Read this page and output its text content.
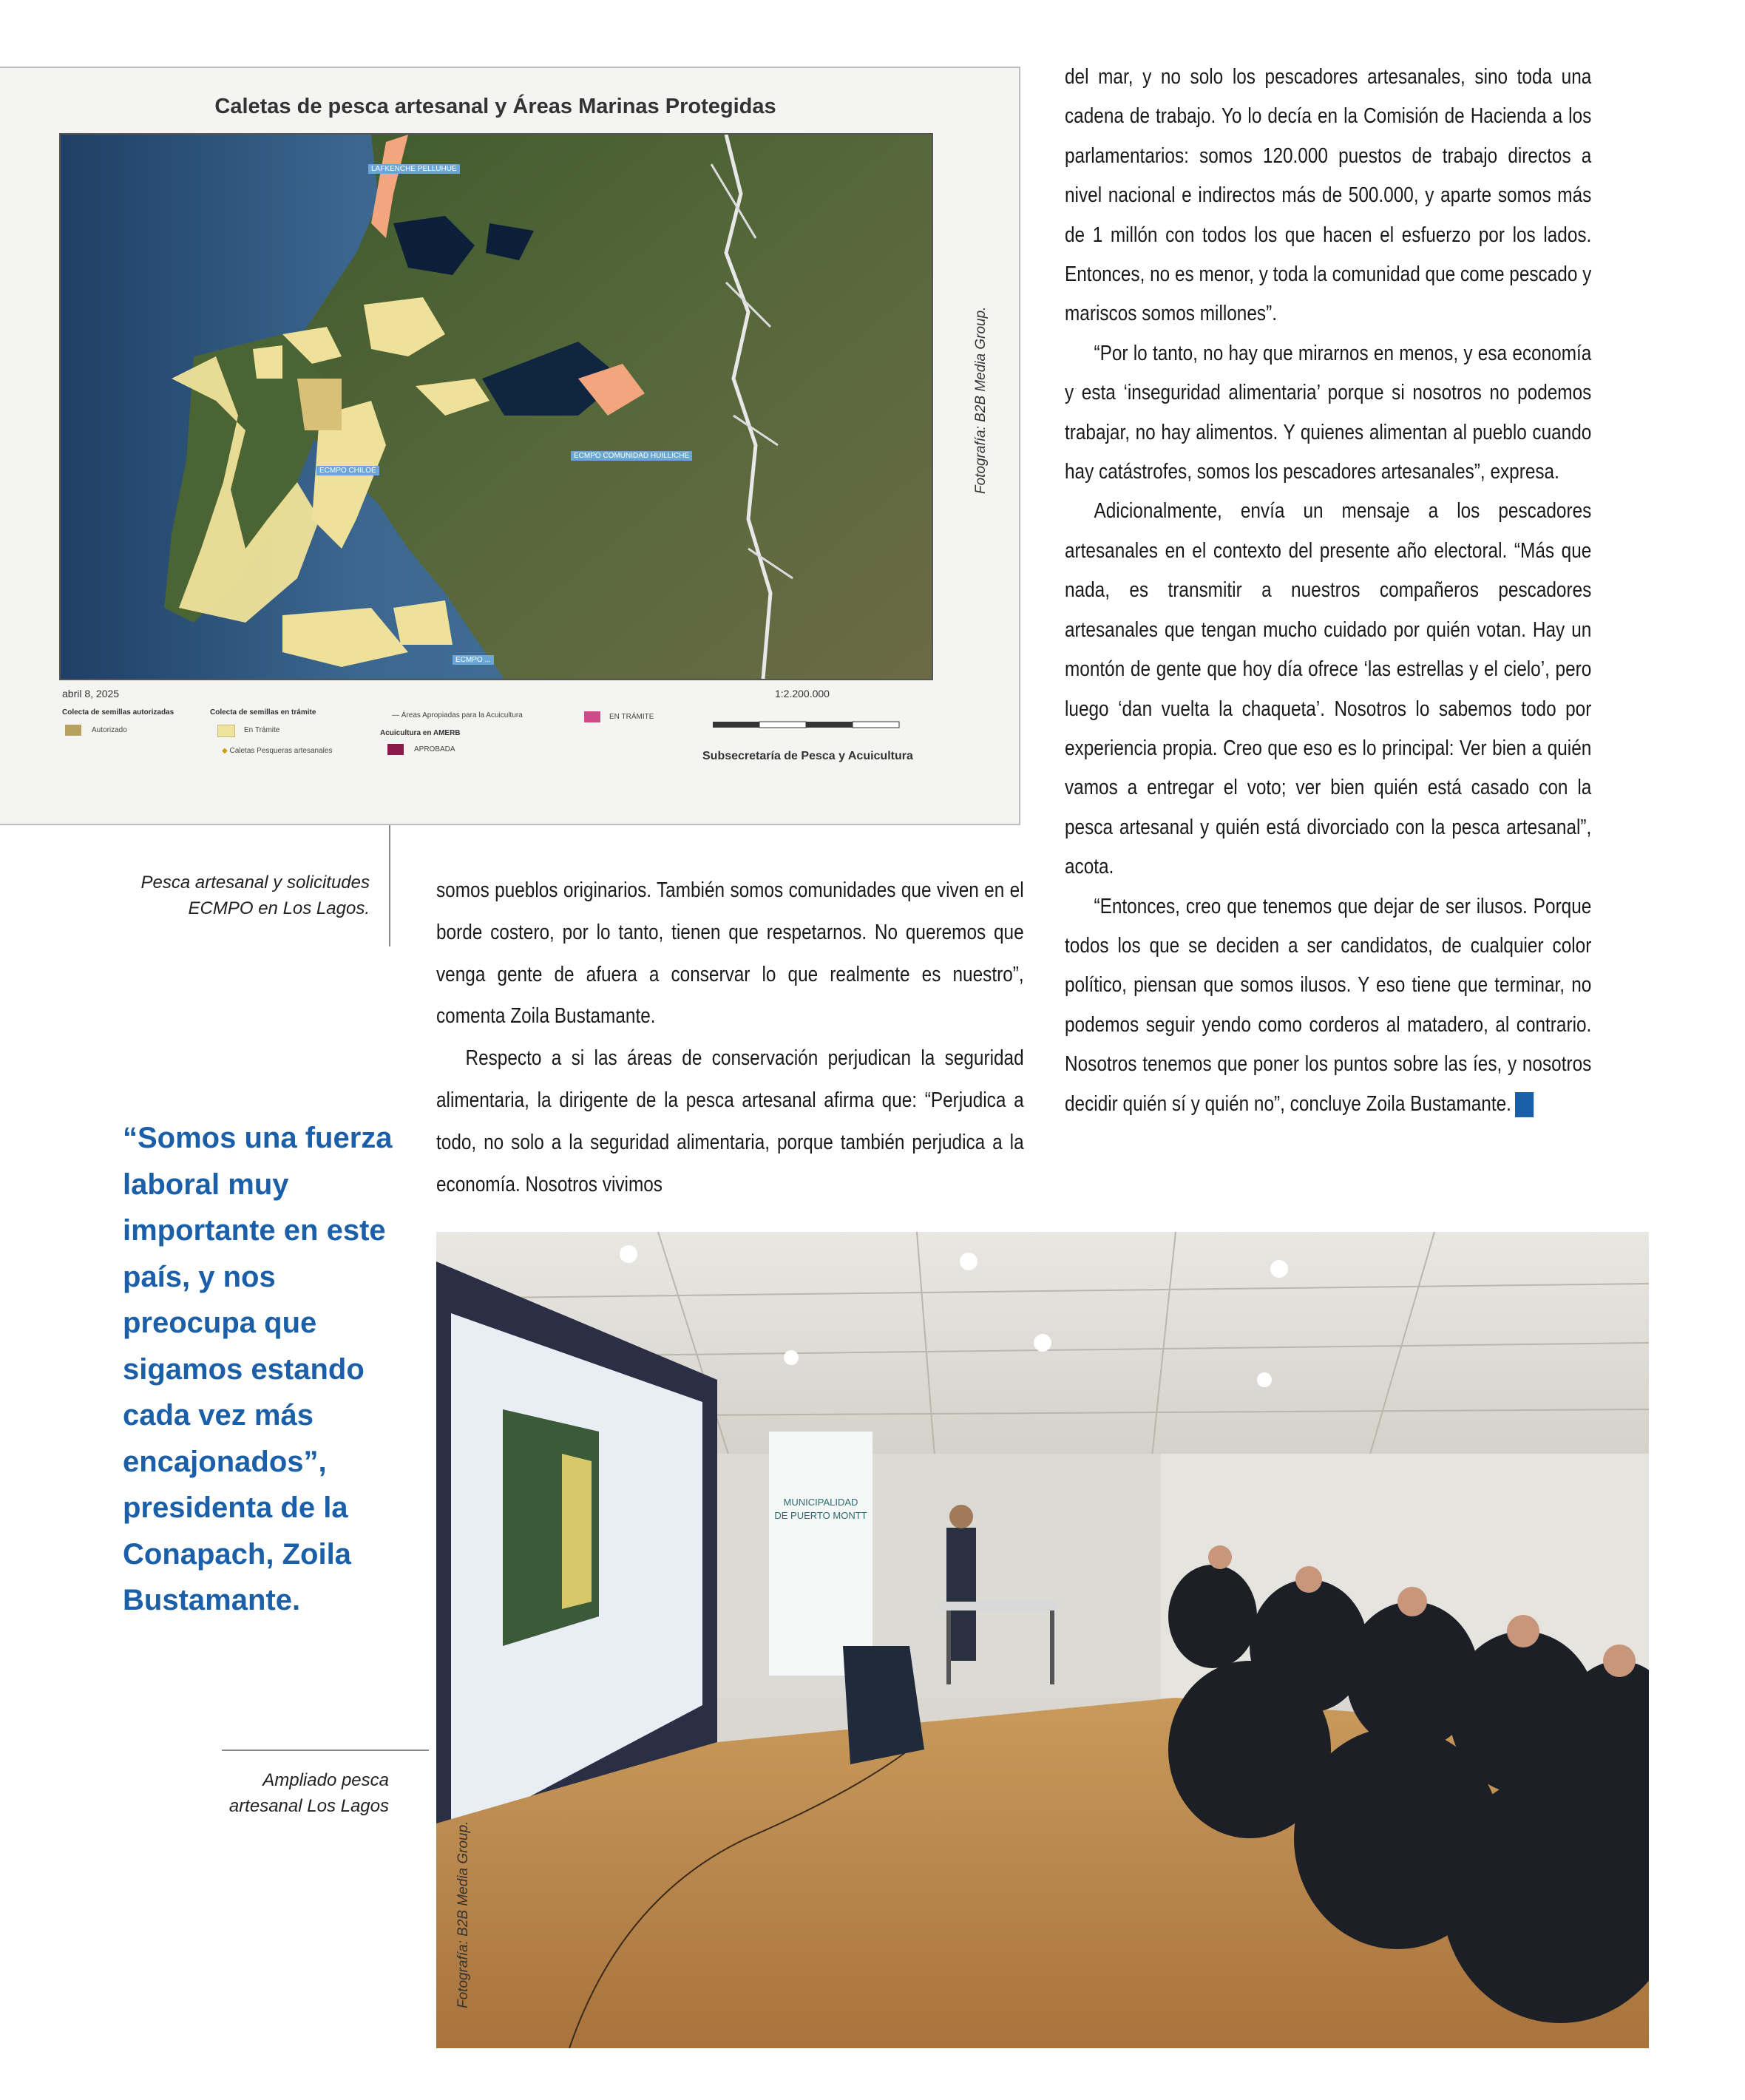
Caletas de pesca artesanal y Áreas Marinas Protegidas
LAFKENCHE PELLUHUE
ECMPO CHILOÉ
ECMPO COMUNIDAD HUILLICHE
ECMPO ...
abril 8, 2025
Colecta de semillas autorizadas
Autorizado
Colecta de semillas en trámite
En Trámite
◆ Caletas Pesqueras artesanales
— Áreas Apropiadas para la Acuicultura
Acuicultura en AMERB
APROBADA
EN TRÁMITE
1:2.200.000
Subsecretaría de Pesca y Acuicultura
Fotografía: B2B Media Group.
Pesca artesanal y solicitudes ECMPO en Los Lagos.
“Somos una fuerza laboral muy importante en este país, y nos preocupa que sigamos estando cada vez más encajonados”, presidenta de la Conapach, Zoila Bustamante.
Ampliado pesca artesanal Los Lagos

del mar, y no solo los pescadores artesanales, sino toda una cadena de trabajo. Yo lo decía en la Comisión de Hacienda a los parlamentarios: somos 120.000 puestos de trabajo directos a nivel nacional e indirectos más de 500.000, y aparte somos más de 1 millón con todos los que hacen el esfuerzo por los lados. Entonces, no es menor, y toda la comunidad que come pescado y mariscos somos millones”.

“Por lo tanto, no hay que mirarnos en menos, y esa economía y esta ‘inseguridad alimentaria’ porque si nosotros no podemos trabajar, no hay alimentos. Y quienes alimentan al pueblo cuando hay catástrofes, somos los pescadores artesanales”, expresa.

Adicionalmente, envía un mensaje a los pescadores artesanales en el contexto del presente año electoral. “Más que nada, es transmitir a nuestros compañeros pescadores artesanales que tengan mucho cuidado por quién votan. Hay un montón de gente que hoy día ofrece ‘las estrellas y el cielo’, pero luego ‘dan vuelta la chaqueta’. Nosotros lo sabemos todo por experiencia propia. Creo que eso es lo principal: Ver bien a quién vamos a entregar el voto; ver bien quién está casado con la pesca artesanal y quién está divorciado con la pesca artesanal”, acota.

“Entonces, creo que tenemos que dejar de ser ilusos. Porque todos los que se deciden a ser candidatos, de cualquier color político, piensan que somos ilusos. Y eso tiene que terminar, no podemos seguir yendo como corderos al matadero, al contrario. Nosotros tenemos que poner los puntos sobre las íes, y nosotros decidir quién sí y quién no”, concluye Zoila Bustamante. Q

somos pueblos originarios. También somos comunidades que viven en el borde costero, por lo tanto, tienen que respetarnos. No queremos que venga gente de afuera a conservar lo que realmente es nuestro”, comenta Zoila Bustamante.

Respecto a si las áreas de conservación perjudican la seguridad alimentaria, la dirigente de la pesca artesanal afirma que: “Perjudica a todo, no solo a la seguridad alimentaria, porque también perjudica a la economía. Nosotros vivimos

MUNICIPALIDAD
DE PUERTO MONTT
Fotografía: B2B Media Group.
